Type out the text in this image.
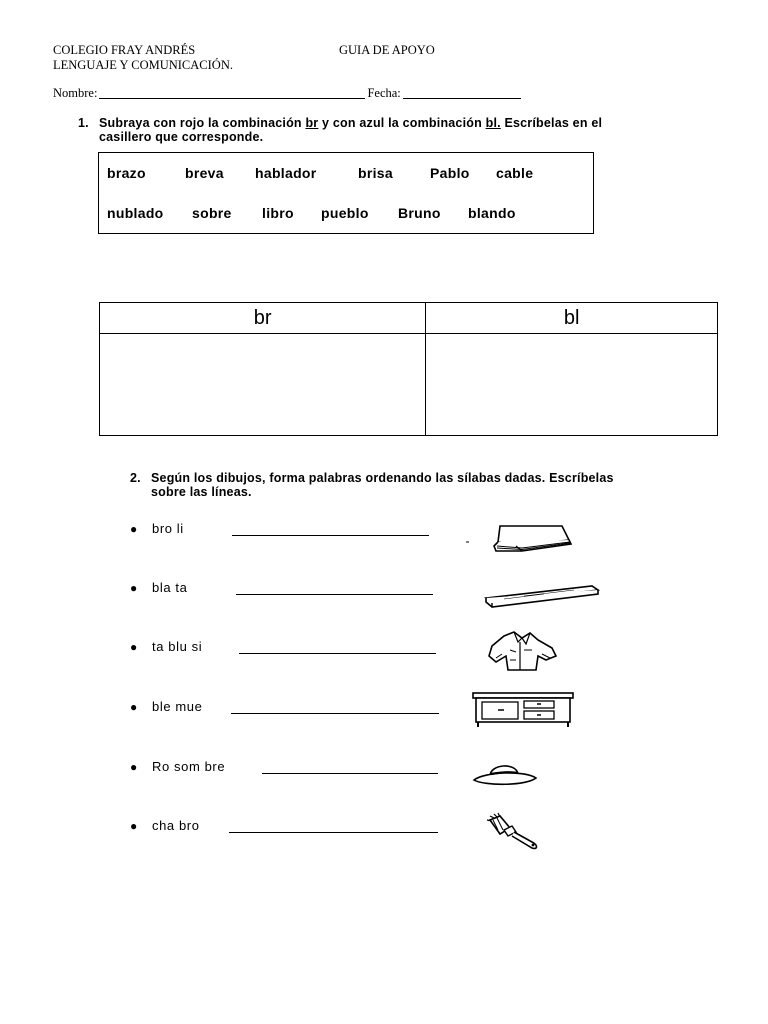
COLEGIO FRAY ANDRÉS	GUIA DE APOYO
LENGUAJE Y COMUNICACIÓN.
Nombre:	Fecha:
1. Subraya con rojo la combinación br y con azul la combinación bl. Escríbelas en el
casillero que corresponde.
brazo	breva hablador	brisa	Pablo cable
nublado sobre libro pueblo Bruno blando
br	bl

2. Según los dibujos, forma palabras ordenando las sílabas dadas. Escríbelas
sobre las líneas.
●	bro li
●	bla ta
●	ta blu si
●	ble mue
●	Ro som bre
●	cha bro
